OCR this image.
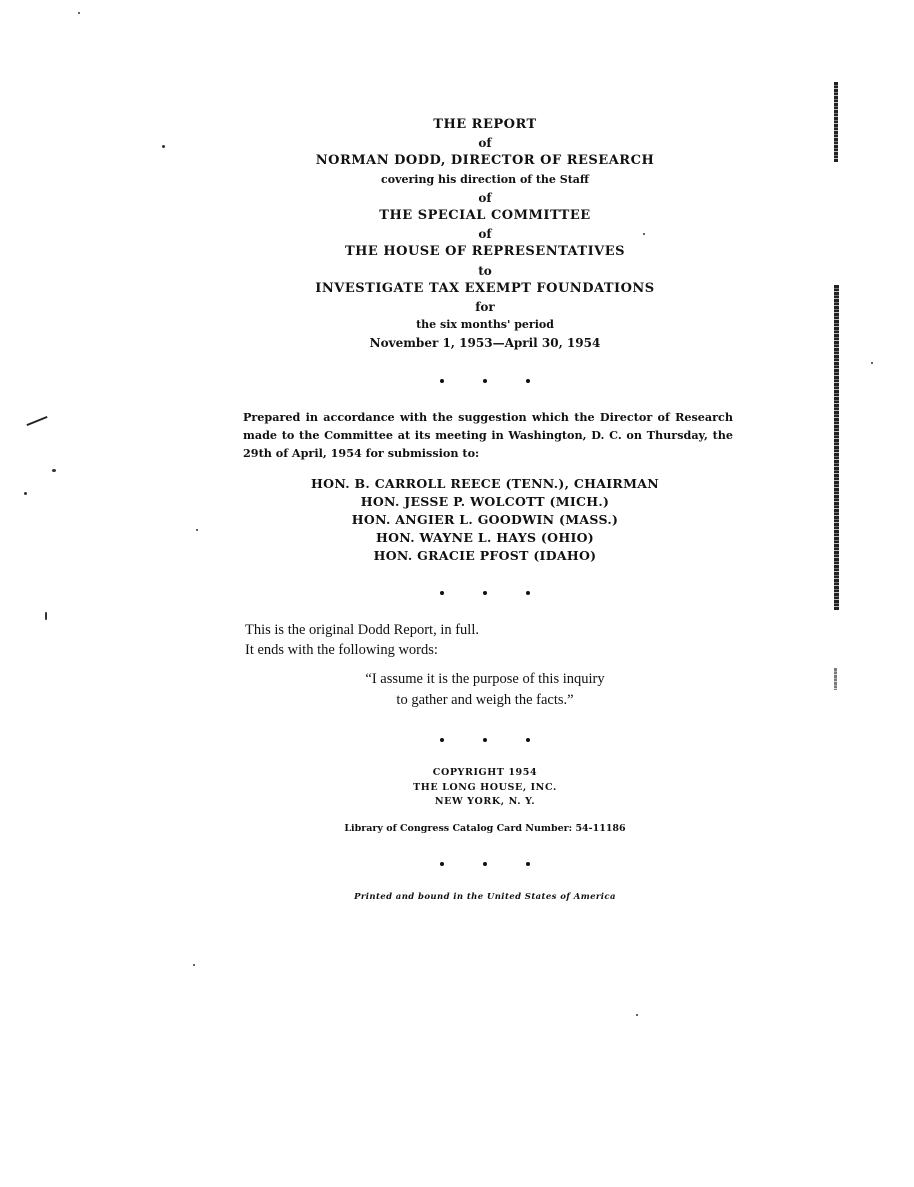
THE REPORT
of
NORMAN DODD, DIRECTOR OF RESEARCH
covering his direction of the Staff
of
THE SPECIAL COMMITTEE
of
THE HOUSE OF REPRESENTATIVES
to
INVESTIGATE TAX EXEMPT FOUNDATIONS
for
the six months' period
November 1, 1953—April 30, 1954
Prepared in accordance with the suggestion which the Director of Research made to the Committee at its meeting in Washington, D. C. on Thursday, the 29th of April, 1954 for submission to:
HON. B. CARROLL REECE (TENN.), CHAIRMAN
HON. JESSE P. WOLCOTT (MICH.)
HON. ANGIER L. GOODWIN (MASS.)
HON. WAYNE L. HAYS (OHIO)
HON. GRACIE PFOST (IDAHO)
This is the original Dodd Report, in full.
It ends with the following words:
“I assume it is the purpose of this inquiry
to gather and weigh the facts.”
COPYRIGHT 1954
THE LONG HOUSE, INC.
NEW YORK, N. Y.
Library of Congress Catalog Card Number: 54-11186
Printed and bound in the United States of America
